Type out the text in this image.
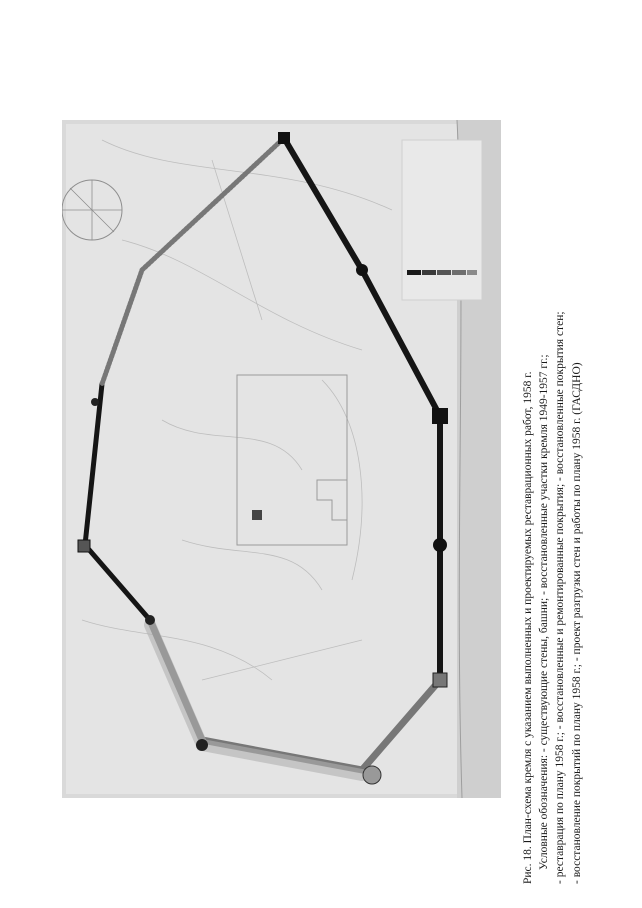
Рис. 18. План-схема кремля с указанием выполненных и проектируемых реставрационных работ, 1958 г. Условные обозначения: - существующие стены, башни; - восстановленные участки кремля 1949-1957 гг.; - реставрация по плану 1958 г.; - восстановленные и ремонтированные покрытия; - восстановленные покрытия стен; - восстановление покрытий по плану 1958 г.; - проект разгрузки стен и работы по плану 1958 г. (ГАСДНО)
